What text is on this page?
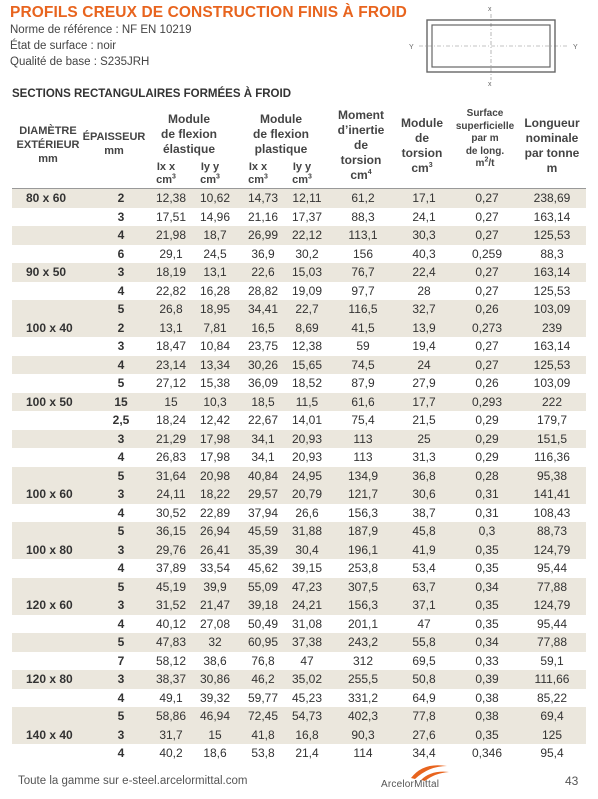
PROFILS CREUX DE CONSTRUCTION FINIS À FROID
Norme de référence : NF EN 10219
État de surface : noir
Qualité de base : S235JRH
x
x
Y	Y
SECTIONS RECTANGULAIRES FORMÉES À FROID
DIAMÈTRE
EXTÉRIEUR
mm
ÉPAISSEUR
mm
Module
de flexion
élastique
Module
de flexion
plastique
Moment
d’inertie
de
torsion
$cm^4$
Module
de
torsion
$cm^3$
Surface
superficielle
par m
de long.
$m^2/t$
Longueur
nominale
par tonne
m
Ix x
$cm^3$
Iy y
$cm^3$
Ix x
$cm^3$
Iy y
$cm^3$
80 x 60	2	12,38	10,62	14,73	12,11	61,2	17,1	0,27	238,69
3	17,51	14,96	21,16	17,37	88,3	24,1	0,27	163,14
4	21,98	18,7	26,99	22,12	113,1	30,3	0,27	125,53
6	29,1	24,5	36,9	30,2	156	40,3	0,259	88,3
90 x 50	3	18,19	13,1	22,6	15,03	76,7	22,4	0,27	163,14
4	22,82	16,28	28,82	19,09	97,7	28	0,27	125,53
5	26,8	18,95	34,41	22,7	116,5	32,7	0,26	103,09
100 x 40	2	13,1	7,81	16,5	8,69	41,5	13,9	0,273	239
3	18,47	10,84	23,75	12,38	59	19,4	0,27	163,14
4	23,14	13,34	30,26	15,65	74,5	24	0,27	125,53
5	27,12	15,38	36,09	18,52	87,9	27,9	0,26	103,09
100 x 50	15	15	10,3	18,5	11,5	61,6	17,7	0,293	222
2,5	18,24	12,42	22,67	14,01	75,4	21,5	0,29	179,7
3	21,29	17,98	34,1	20,93	113	25	0,29	151,5
4	26,83	17,98	34,1	20,93	113	31,3	0,29	116,36
5	31,64	20,98	40,84	24,95	134,9	36,8	0,28	95,38
100 x 60	3	24,11	18,22	29,57	20,79	121,7	30,6	0,31	141,41
4	30,52	22,89	37,94	26,6	156,3	38,7	0,31	108,43
5	36,15	26,94	45,59	31,88	187,9	45,8	0,3	88,73
100 x 80	3	29,76	26,41	35,39	30,4	196,1	41,9	0,35	124,79
4	37,89	33,54	45,62	39,15	253,8	53,4	0,35	95,44
5	45,19	39,9	55,09	47,23	307,5	63,7	0,34	77,88
120 x 60	3	31,52	21,47	39,18	24,21	156,3	37,1	0,35	124,79
4	40,12	27,08	50,49	31,08	201,1	47	0,35	95,44
5	47,83	32	60,95	37,38	243,2	55,8	0,34	77,88
7	58,12	38,6	76,8	47	312	69,5	0,33	59,1
120 x 80	3	38,37	30,86	46,2	35,02	255,5	50,8	0,39	111,66
4	49,1	39,32	59,77	45,23	331,2	64,9	0,38	85,22
5	58,86	46,94	72,45	54,73	402,3	77,8	0,38	69,4
140 x 40	3	31,7	15	41,8	16,8	90,3	27,6	0,35	125
4	40,2	18,6	53,8	21,4	114	34,4	0,346	95,4
Toute la gamme sur e-steel.arcelormittal.com	ArcelorMittal	43
